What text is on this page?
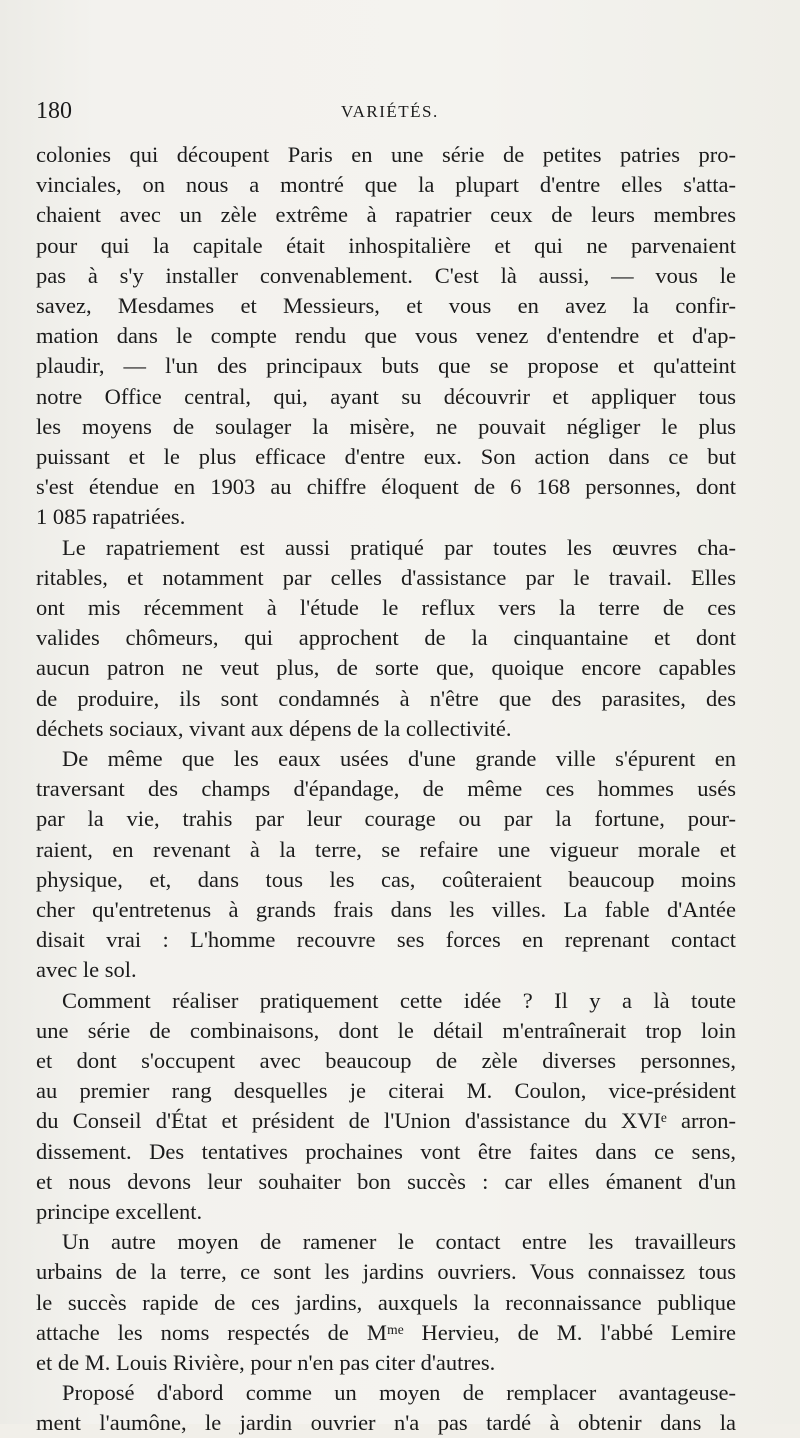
180	VARIÉTÉS.

colonies qui découpent Paris en une série de petites patries pro-

vinciales, on nous a montré que la plupart d'entre elles s'atta-

chaient avec un zèle extrême à rapatrier ceux de leurs membres

pour qui la capitale était inhospitalière et qui ne parvenaient

pas à s'y installer convenablement. C'est là aussi, — vous le

savez, Mesdames et Messieurs, et vous en avez la confir-

mation dans le compte rendu que vous venez d'entendre et d'ap-

plaudir, — l'un des principaux buts que se propose et qu'atteint

notre Office central, qui, ayant su découvrir et appliquer tous

les moyens de soulager la misère, ne pouvait négliger le plus

puissant et le plus efficace d'entre eux. Son action dans ce but

s'est étendue en 1903 au chiffre éloquent de 6 168 personnes, dont

1 085 rapatriées.

Le rapatriement est aussi pratiqué par toutes les œuvres cha-

ritables, et notamment par celles d'assistance par le travail. Elles

ont mis récemment à l'étude le reflux vers la terre de ces

valides chômeurs, qui approchent de la cinquantaine et dont

aucun patron ne veut plus, de sorte que, quoique encore capables

de produire, ils sont condamnés à n'être que des parasites, des

déchets sociaux, vivant aux dépens de la collectivité.

De même que les eaux usées d'une grande ville s'épurent en

traversant des champs d'épandage, de même ces hommes usés

par la vie, trahis par leur courage ou par la fortune, pour-

raient, en revenant à la terre, se refaire une vigueur morale et

physique, et, dans tous les cas, coûteraient beaucoup moins

cher qu'entretenus à grands frais dans les villes. La fable d'Antée

disait vrai : L'homme recouvre ses forces en reprenant contact

avec le sol.

Comment réaliser pratiquement cette idée ? Il y a là toute

une série de combinaisons, dont le détail m'entraînerait trop loin

et dont s'occupent avec beaucoup de zèle diverses personnes,

au premier rang desquelles je citerai M. Coulon, vice-président

du Conseil d'État et président de l'Union d'assistance du XVIᵉ arron-

dissement. Des tentatives prochaines vont être faites dans ce sens,

et nous devons leur souhaiter bon succès : car elles émanent d'un

principe excellent.

Un autre moyen de ramener le contact entre les travailleurs

urbains de la terre, ce sont les jardins ouvriers. Vous connaissez tous

le succès rapide de ces jardins, auxquels la reconnaissance publique

attache les noms respectés de Mᵐᵉ Hervieu, de M. l'abbé Lemire

et de M. Louis Rivière, pour n'en pas citer d'autres.

Proposé d'abord comme un moyen de remplacer avantageuse-

ment l'aumône, le jardin ouvrier n'a pas tardé à obtenir dans la
